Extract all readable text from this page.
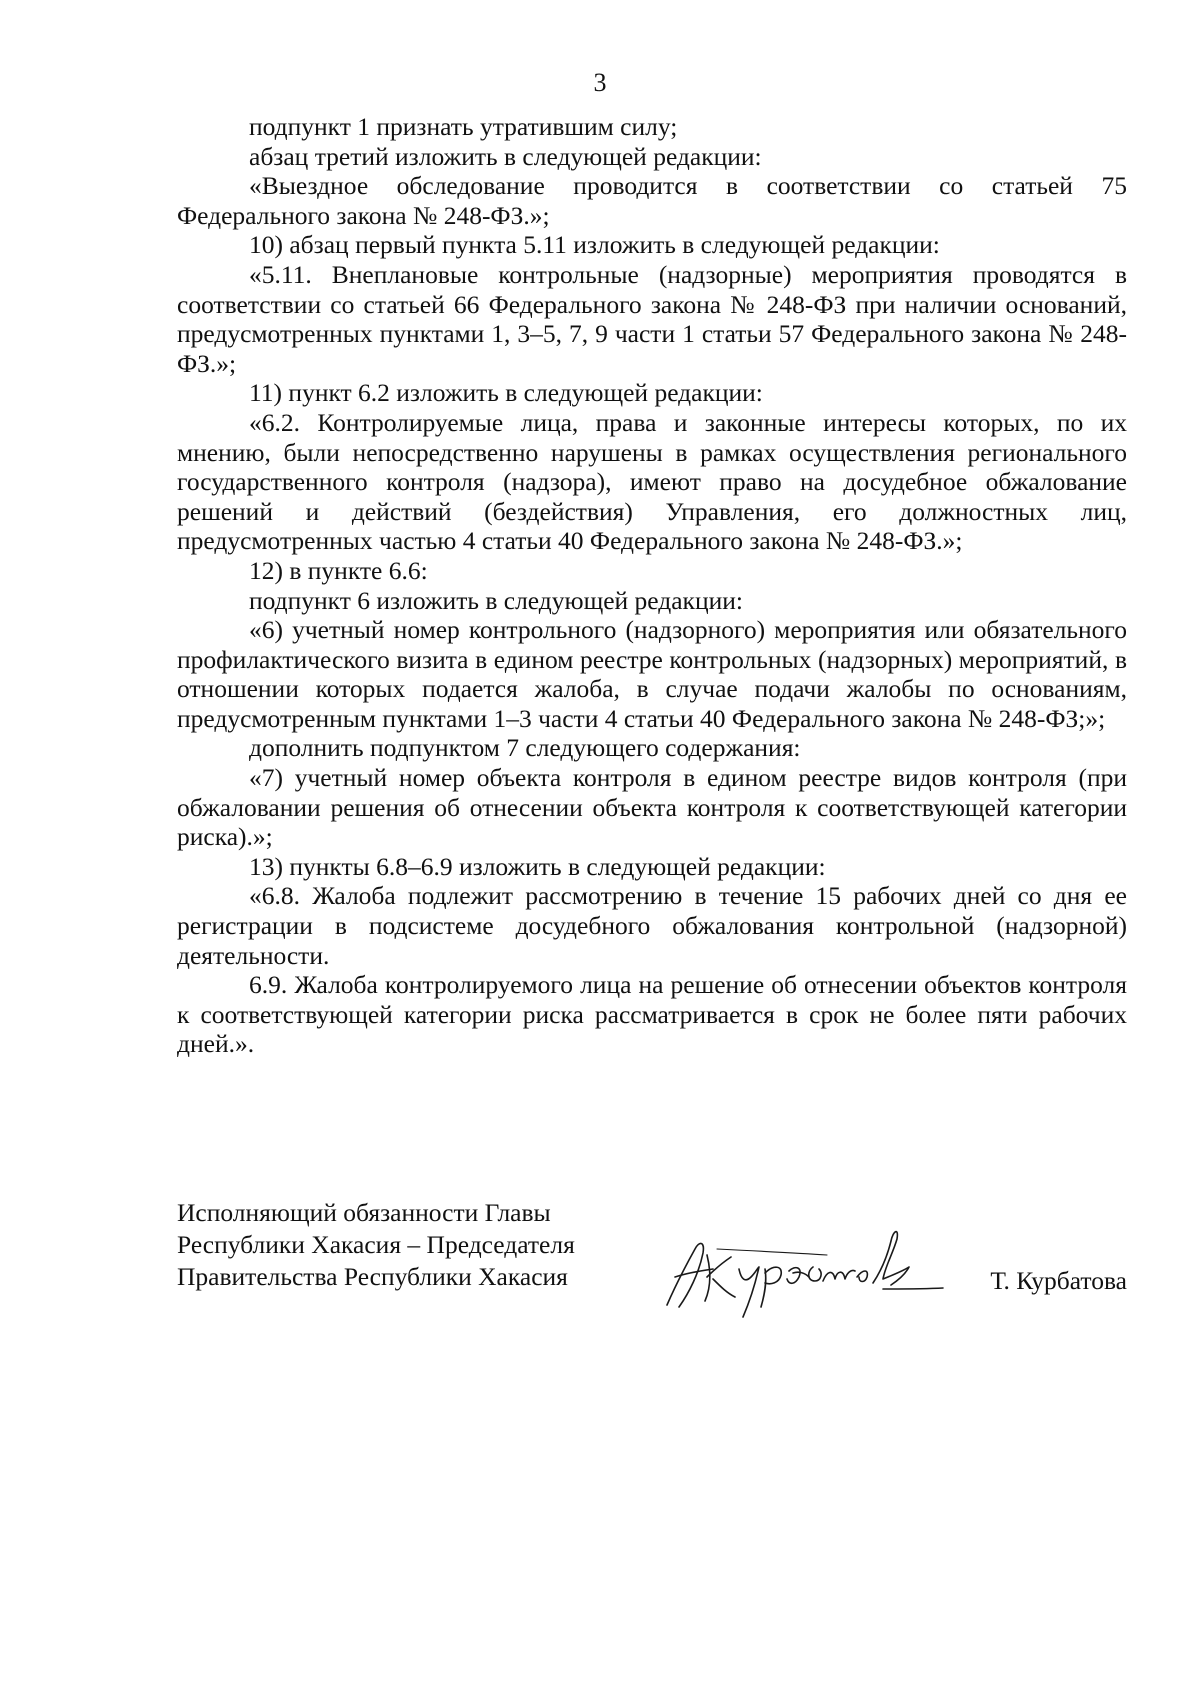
3

подпункт 1 признать утратившим силу;

абзац третий изложить в следующей редакции:

«Выездное обследование проводится в соответствии со статьей 75 Федерального закона № 248-ФЗ.»;

10) абзац первый пункта 5.11 изложить в следующей редакции:

«5.11. Внеплановые контрольные (надзорные) мероприятия проводятся в соответствии со статьей 66 Федерального закона № 248-ФЗ при наличии оснований, предусмотренных пунктами 1, 3–5, 7, 9 части 1 статьи 57 Федерального закона № 248-ФЗ.»;

11) пункт 6.2 изложить в следующей редакции:

«6.2. Контролируемые лица, права и законные интересы которых, по их мнению, были непосредственно нарушены в рамках осуществления регионального государственного контроля (надзора), имеют право на досудебное обжалование решений и действий (бездействия) Управления, его должностных лиц, предусмотренных частью 4 статьи 40 Федерального закона № 248-ФЗ.»;

12) в пункте 6.6:

подпункт 6 изложить в следующей редакции:

«6) учетный номер контрольного (надзорного) мероприятия или обязательного профилактического визита в едином реестре контрольных (надзорных) мероприятий, в отношении которых подается жалоба, в случае подачи жалобы по основаниям, предусмотренным пунктами 1–3 части 4 статьи 40 Федерального закона № 248-ФЗ;»;

дополнить подпунктом 7 следующего содержания:

«7) учетный номер объекта контроля в едином реестре видов контроля (при обжаловании решения об отнесении объекта контроля к соответствующей категории риска).»;

13) пункты 6.8–6.9 изложить в следующей редакции:

«6.8. Жалоба подлежит рассмотрению в течение 15 рабочих дней со дня ее регистрации в подсистеме досудебного обжалования контрольной (надзорной) деятельности.

6.9. Жалоба контролируемого лица на решение об отнесении объектов контроля к соответствующей категории риска рассматривается в срок не более пяти рабочих дней.».

Исполняющий обязанности Главы
Республики Хакасия – Председателя
Правительства Республики Хакасия	Т. Курбатова
